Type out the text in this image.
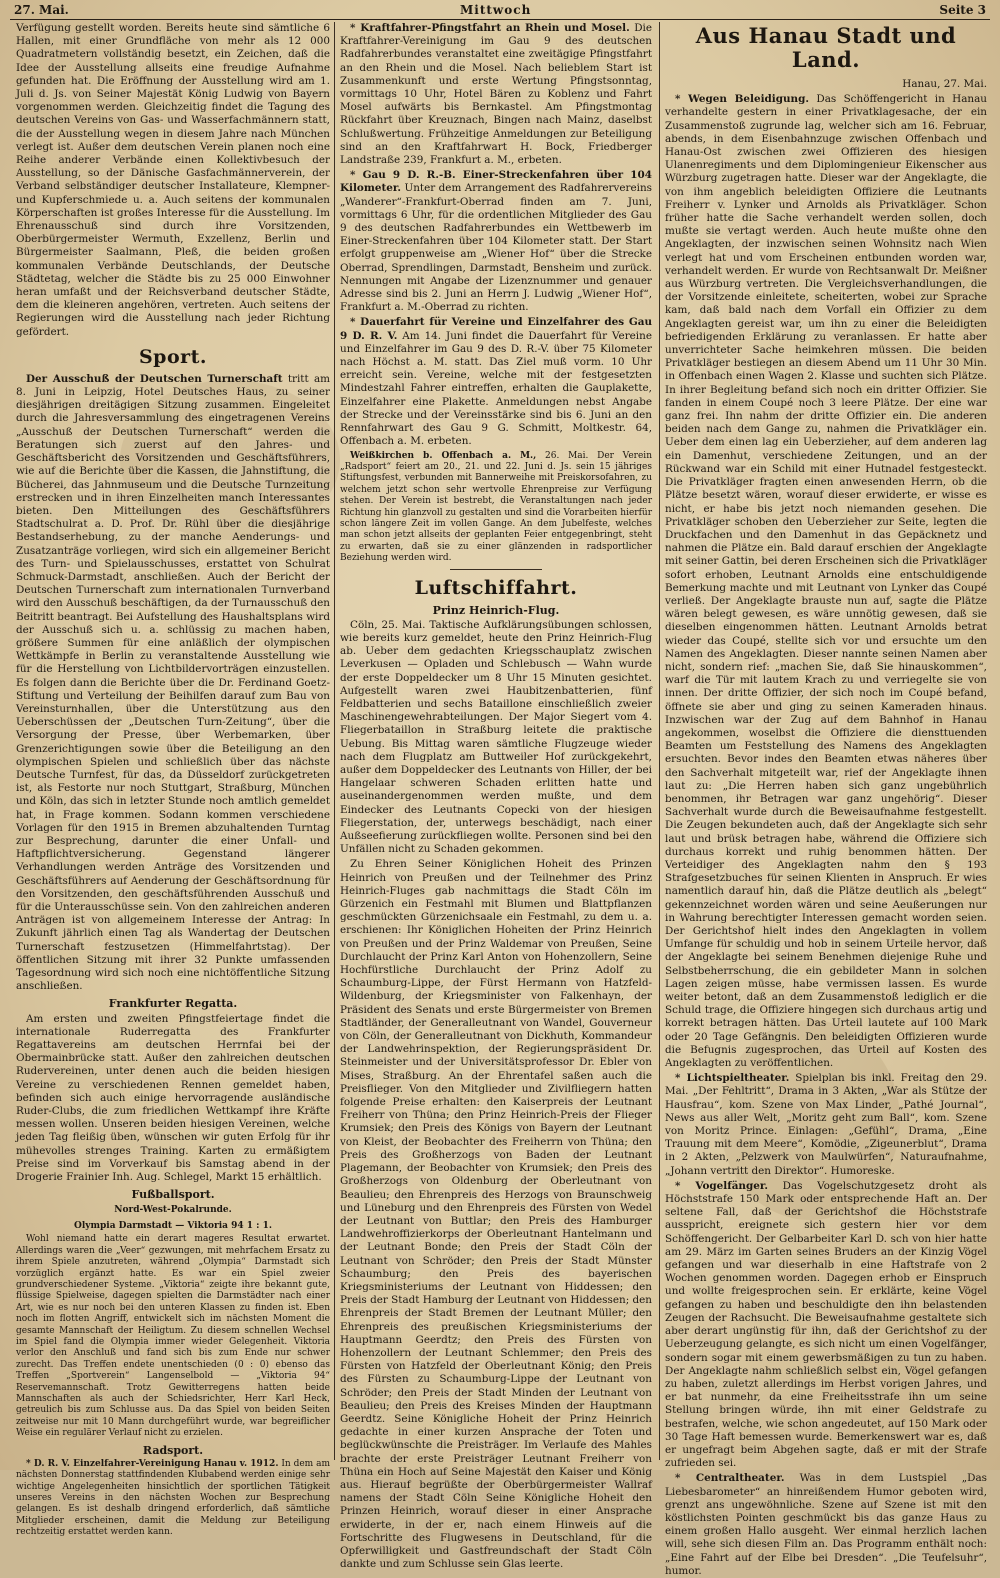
27. Mai.	Mittwoch	Seite 3

Verfügung gestellt worden. Bereits heute sind sämtliche 6 Hallen, mit einer Grundfläche von mehr als 12 000 Quadratmetern vollständig besetzt, ein Zeichen, daß die Idee der Ausstellung allseits eine freudige Aufnahme gefunden hat. Die Eröffnung der Ausstellung wird am 1. Juli d. Js. von Seiner Majestät König Ludwig von Bayern vorgenommen werden. Gleichzeitig findet die Tagung des deutschen Vereins von Gas- und Wasserfachmännern statt, die der Ausstellung wegen in diesem Jahre nach München verlegt ist. Außer dem deutschen Verein planen noch eine Reihe anderer Verbände einen Kollektivbesuch der Ausstellung, so der Dänische Gasfachmännerverein, der Verband selbständiger deutscher Installateure, Klempner- und Kupferschmiede u. a. Auch seitens der kommunalen Körperschaften ist großes Interesse für die Ausstellung. Im Ehrenausschuß sind durch ihre Vorsitzenden, Oberbürgermeister Wermuth, Exzellenz, Berlin und Bürgermeister Saalmann, Pleß, die beiden großen kommunalen Verbände Deutschlands, der Deutsche Städtetag, welcher die Städte bis zu 25 000 Einwohner heran umfaßt und der Reichsverband deutscher Städte, dem die kleineren angehören, vertreten. Auch seitens der Regierungen wird die Ausstellung nach jeder Richtung gefördert.

Sport.

Der Ausschuß der Deutschen Turnerschaft tritt am 8. Juni in Leipzig, Hotel Deutsches Haus, zu seiner diesjährigen dreitägigen Sitzung zusammen. Eingeleitet durch die Jahresversammlung des eingetragenen Vereins „Ausschuß der Deutschen Turnerschaft“ werden die Beratungen sich zuerst auf den Jahres- und Geschäftsbericht des Vorsitzenden und Geschäftsführers, wie auf die Berichte über die Kassen, die Jahnstiftung, die Bücherei, das Jahnmuseum und die Deutsche Turnzeitung erstrecken und in ihren Einzelheiten manch Interessantes bieten. Den Mitteilungen des Geschäftsführers Stadtschulrat a. D. Prof. Dr. Rühl über die diesjährige Bestandserhebung, zu der manche Aenderungs- und Zusatzanträge vorliegen, wird sich ein allgemeiner Bericht des Turn- und Spielausschusses, erstattet von Schulrat Schmuck-Darmstadt, anschließen. Auch der Bericht der Deutschen Turnerschaft zum internationalen Turnverband wird den Ausschuß beschäftigen, da der Turnausschuß den Beitritt beantragt. Bei Aufstellung des Haushaltsplans wird der Ausschuß sich u. a. schlüssig zu machen haben, größere Summen für eine anläßlich der olympischen Wettkämpfe in Berlin zu veranstaltende Ausstellung wie für die Herstellung von Lichtbildervorträgen einzustellen. Es folgen dann die Berichte über die Dr. Ferdinand Goetz-Stiftung und Verteilung der Beihilfen darauf zum Bau von Vereinsturnhallen, über die Unterstützung aus den Ueberschüssen der „Deutschen Turn-Zeitung“, über die Versorgung der Presse, über Werbemarken, über Grenzerichtigungen sowie über die Beteiligung an den olympischen Spielen und schließlich über das nächste Deutsche Turnfest, für das, da Düsseldorf zurückgetreten ist, als Festorte nur noch Stuttgart, Straßburg, München und Köln, das sich in letzter Stunde noch amtlich gemeldet hat, in Frage kommen. Sodann kommen verschiedene Vorlagen für den 1915 in Bremen abzuhaltenden Turntag zur Besprechung, darunter die einer Unfall- und Haftpflichtversicherung. Gegenstand längerer Verhandlungen werden Anträge des Vorsitzenden und Geschäftsführers auf Aenderung der Geschäftsordnung für den Vorsitzenden, den geschäftsführenden Ausschuß und für die Unterausschüsse sein. Von den zahlreichen anderen Anträgen ist von allgemeinem Interesse der Antrag: In Zukunft jährlich einen Tag als Wandertag der Deutschen Turnerschaft festzusetzen (Himmelfahrtstag). Der öffentlichen Sitzung mit ihrer 32 Punkte umfassenden Tagesordnung wird sich noch eine nichtöffentliche Sitzung anschließen.

Frankfurter Regatta.

Am ersten und zweiten Pfingstfeiertage findet die internationale Ruderregatta des Frankfurter Regattavereins am deutschen Herrnfai bei der Obermainbrücke statt. Außer den zahlreichen deutschen Rudervereinen, unter denen auch die beiden hiesigen Vereine zu verschiedenen Rennen gemeldet haben, befinden sich auch einige hervorragende ausländische Ruder-Clubs, die zum friedlichen Wettkampf ihre Kräfte messen wollen. Unseren beiden hiesigen Vereinen, welche jeden Tag fleißig üben, wünschen wir guten Erfolg für ihr mühevolles strenges Training. Karten zu ermäßigtem Preise sind im Vorverkauf bis Samstag abend in der Drogerie Frainier Inh. Aug. Schlegel, Markt 15 erhältlich.

Fußballsport.
Nord-West-Pokalrunde.
Olympia Darmstadt — Viktoria 94 1 : 1.

Wohl niemand hatte ein derart mageres Resultat erwartet. Allerdings waren die „Veer“ gezwungen, mit mehrfachem Ersatz zu ihrem Spiele anzutreten, während „Olympia“ Darmstadt sich vorzüglich ergänzt hatte. Es war ein Spiel zweier grundverschiedener Systeme. „Viktoria“ zeigte ihre bekannt gute, flüssige Spielweise, dagegen spielten die Darmstädter nach einer Art, wie es nur noch bei den unteren Klassen zu finden ist. Eben noch im flotten Angriff, entwickelt sich im nächsten Moment die gesamte Mannschaft der Heiligtum. Zu diesem schnellen Wechsel im Spiel fand die Olympia immer wieder Gelegenheit. Viktoria verlor den Anschluß und fand sich bis zum Ende nur schwer zurecht. Das Treffen endete unentschieden (0 : 0) ebenso das Treffen „Sportverein“ Langenselbold — „Viktoria 94“ Reservemannschaft. Trotz Gewitterregens hatten beide Mannschaften als auch der Schiedsrichter, Herr Karl Heck, getreulich bis zum Schlusse aus. Da das Spiel von beiden Seiten zeitweise nur mit 10 Mann durchgeführt wurde, war begreiflicher Weise ein regulärer Verlauf nicht zu erzielen.

Radsport.

* D. R. V. Einzelfahrer-Vereinigung Hanau v. 1912. In dem am nächsten Donnerstag stattfindenden Klubabend werden einige sehr wichtige Angelegenheiten hinsichtlich der sportlichen Tätigkeit unseres Vereins in den nächsten Wochen zur Besprechung gelangen. Es ist deshalb dringend erforderlich, daß sämtliche Mitglieder erscheinen, damit die Meldung zur Beteiligung rechtzeitig erstattet werden kann.

* Kraftfahrer-Pfingstfahrt an Rhein und Mosel. Die Kraftfahrer-Vereinigung im Gau 9 des deutschen Radfahrerbundes veranstaltet eine zweitägige Pfingstfahrt an den Rhein und die Mosel. Nach belieblem Start ist Zusammenkunft und erste Wertung Pfingstsonntag, vormittags 10 Uhr, Hotel Bären zu Koblenz und Fahrt Mosel aufwärts bis Bernkastel. Am Pfingstmontag Rückfahrt über Kreuznach, Bingen nach Mainz, daselbst Schlußwertung. Frühzeitige Anmeldungen zur Beteiligung sind an den Kraftfahrwart H. Bock, Friedberger Landstraße 239, Frankfurt a. M., erbeten.

* Gau 9 D. R.-B. Einer-Streckenfahren über 104 Kilometer. Unter dem Arrangement des Radfahrervereins „Wanderer“-Frankfurt-Oberrad finden am 7. Juni, vormittags 6 Uhr, für die ordentlichen Mitglieder des Gau 9 des deutschen Radfahrerbundes ein Wettbewerb im Einer-Streckenfahren über 104 Kilometer statt. Der Start erfolgt gruppenweise am „Wiener Hof“ über die Strecke Oberrad, Sprendlingen, Darmstadt, Bensheim und zurück. Nennungen mit Angabe der Lizenznummer und genauer Adresse sind bis 2. Juni an Herrn J. Ludwig „Wiener Hof“, Frankfurt a. M.-Oberrad zu richten.

* Dauerfahrt für Vereine und Einzelfahrer des Gau 9 D. R. V. Am 14. Juni findet die Dauerfahrt für Vereine und Einzelfahrer im Gau 9 des D. R.-V. über 75 Kilometer nach Höchst a. M. statt. Das Ziel muß vorm. 10 Uhr erreicht sein. Vereine, welche mit der festgesetzten Mindestzahl Fahrer eintreffen, erhalten die Gauplakette, Einzelfahrer eine Plakette. Anmeldungen nebst Angabe der Strecke und der Vereinsstärke sind bis 6. Juni an den Rennfahrwart des Gau 9 G. Schmitt, Moltkestr. 64, Offenbach a. M. erbeten.

Weißkirchen b. Offenbach a. M., 26. Mai. Der Verein „Radsport“ feiert am 20., 21. und 22. Juni d. Js. sein 15 jähriges Stiftungsfest, verbunden mit Bannerweihe mit Preiskorsofahren, zu welchem jetzt schon sehr wertvolle Ehrenpreise zur Verfügung stehen. Der Verein ist bestrebt, die Veranstaltungen nach jeder Richtung hin glanzvoll zu gestalten und sind die Vorarbeiten hierfür schon längere Zeit im vollen Gange. An dem Jubelfeste, welches man schon jetzt allseits der geplanten Feier entgegenbringt, steht zu erwarten, daß sie zu einer glänzenden in radsportlicher Beziehung werden wird.

Luftschiffahrt.
Prinz Heinrich-Flug.

Cöln, 25. Mai. Taktische Aufklärungsübungen schlossen, wie bereits kurz gemeldet, heute den Prinz Heinrich-Flug ab. Ueber dem gedachten Kriegsschauplatz zwischen Leverkusen — Opladen und Schlebusch — Wahn wurde der erste Doppeldecker um 8 Uhr 15 Minuten gesichtet. Aufgestellt waren zwei Haubitzenbatterien, fünf Feldbatterien und sechs Bataillone einschließlich zweier Maschinengewehrabteilungen. Der Major Siegert vom 4. Fliegerbataillon in Straßburg leitete die praktische Uebung. Bis Mittag waren sämtliche Flugzeuge wieder nach dem Flugplatz am Buttweiler Hof zurückgekehrt, außer dem Doppeldecker des Leutnants von Hiller, der bei Hangelaar schweren Schaden erlitten hatte und auseinandergenommen werden mußte, und dem Eindecker des Leutnants Copecki von der hiesigen Fliegerstation, der, unterwegs beschädigt, nach einer Außseefierung zurückfliegen wollte. Personen sind bei den Unfällen nicht zu Schaden gekommen.

Zu Ehren Seiner Königlichen Hoheit des Prinzen Heinrich von Preußen und der Teilnehmer des Prinz Heinrich-Fluges gab nachmittags die Stadt Cöln im Gürzenich ein Festmahl mit Blumen und Blattpflanzen geschmückten Gürzenichsaale ein Festmahl, zu dem u. a. erschienen: Ihr Königlichen Hoheiten der Prinz Heinrich von Preußen und der Prinz Waldemar von Preußen, Seine Durchlaucht der Prinz Karl Anton von Hohenzollern, Seine Hochfürstliche Durchlaucht der Prinz Adolf zu Schaumburg-Lippe, der Fürst Hermann von Hatzfeld-Wildenburg, der Kriegsminister von Falkenhayn, der Präsident des Senats und erste Bürgermeister von Bremen Stadtländer, der Generalleutnant von Wandel, Gouverneur von Cöln, der Generalleutnant von Dickhuth, Kommandeur der Landwehrinspektion, der Regierungspräsident Dr. Steinmeister und der Universitätsprofessor Dr. Ebler von Mises, Straßburg. An der Ehrentafel saßen auch die Preisflieger. Von den Mitglieder und Zivilfliegern hatten folgende Preise erhalten: den Kaiserpreis der Leutnant Freiherr von Thüna; den Prinz Heinrich-Preis der Flieger Krumsiek; den Preis des Königs von Bayern der Leutnant von Kleist, der Beobachter des Freiherrn von Thüna; den Preis des Großherzogs von Baden der Leutnant Plagemann, der Beobachter von Krumsiek; den Preis des Großherzogs von Oldenburg der Oberleutnant von Beaulieu; den Ehrenpreis des Herzogs von Braunschweig und Lüneburg und den Ehrenpreis des Fürsten von Wedel der Leutnant von Buttlar; den Preis des Hamburger Landwehroffizierkorps der Oberleutnant Hantelmann und der Leutnant Bonde; den Preis der Stadt Cöln der Leutnant von Schröder; den Preis der Stadt Münster Schaumburg; den Preis des bayerischen Kriegsministeriums der Leutnant von Hiddessen; den Preis der Stadt Hamburg der Leutnant von Hiddessen; den Ehrenpreis der Stadt Bremen der Leutnant Müller; den Ehrenpreis des preußischen Kriegsministeriums der Hauptmann Geerdtz; den Preis des Fürsten von Hohenzollern der Leutnant Schlemmer; den Preis des Fürsten von Hatzfeld der Oberleutnant König; den Preis des Fürsten zu Schaumburg-Lippe der Leutnant von Schröder; den Preis der Stadt Minden der Leutnant von Beaulieu; den Preis des Kreises Minden der Hauptmann Geerdtz. Seine Königliche Hoheit der Prinz Heinrich gedachte in einer kurzen Ansprache der Toten und beglückwünschte die Preisträger. Im Verlaufe des Mahles brachte der erste Preisträger Leutnant Freiherr von Thüna ein Hoch auf Seine Majestät den Kaiser und König aus. Hierauf begrüßte der Oberbürgermeister Wallraf namens der Stadt Cöln Seine Königliche Hoheit den Prinzen Heinrich, worauf dieser in einer Ansprache erwiderte, in der er, nach einem Hinweis auf die Fortschritte des Flugwesens in Deutschland, für die Opferwilligkeit und Gastfreundschaft der Stadt Cöln dankte und zum Schlusse sein Glas leerte.

Aus Hanau Stadt und Land.
Hanau, 27. Mai.

* Wegen Beleidigung. Das Schöffengericht in Hanau verhandelte gestern in einer Privatklagesache, der ein Zusammenstoß zugrunde lag, welcher sich am 16. Februar, abends, in dem Eisenbahnzuge zwischen Offenbach und Hanau-Ost zwischen zwei Offizieren des hiesigen Ulanenregiments und dem Diplomingenieur Eikenscher aus Würzburg zugetragen hatte. Dieser war der Angeklagte, die von ihm angeblich beleidigten Offiziere die Leutnants Freiherr v. Lynker und Arnolds als Privatkläger. Schon früher hatte die Sache verhandelt werden sollen, doch mußte sie vertagt werden. Auch heute mußte ohne den Angeklagten, der inzwischen seinen Wohnsitz nach Wien verlegt hat und vom Erscheinen entbunden worden war, verhandelt werden. Er wurde von Rechtsanwalt Dr. Meißner aus Würzburg vertreten. Die Vergleichsverhandlungen, die der Vorsitzende einleitete, scheiterten, wobei zur Sprache kam, daß bald nach dem Vorfall ein Offizier zu dem Angeklagten gereist war, um ihn zu einer die Beleidigten befriedigenden Erklärung zu veranlassen. Er hatte aber unverrichteter Sache heimkehren müssen. Die beiden Privatkläger bestiegen an diesem Abend um 11 Uhr 30 Min. in Offenbach einen Wagen 2. Klasse und suchten sich Plätze. In ihrer Begleitung befand sich noch ein dritter Offizier. Sie fanden in einem Coupé noch 3 leere Plätze. Der eine war ganz frei. Ihn nahm der dritte Offizier ein. Die anderen beiden nach dem Gange zu, nahmen die Privatkläger ein. Ueber dem einen lag ein Ueberzieher, auf dem anderen lag ein Damenhut, verschiedene Zeitungen, und an der Rückwand war ein Schild mit einer Hutnadel festgesteckt. Die Privatkläger fragten einen anwesenden Herrn, ob die Plätze besetzt wären, worauf dieser erwiderte, er wisse es nicht, er habe bis jetzt noch niemanden gesehen. Die Privatkläger schoben den Ueberzieher zur Seite, legten die Druckfachen und den Damenhut in das Gepäcknetz und nahmen die Plätze ein. Bald darauf erschien der Angeklagte mit seiner Gattin, bei deren Erscheinen sich die Privatkläger sofort erhoben, Leutnant Arnolds eine entschuldigende Bemerkung machte und mit Leutnant von Lynker das Coupé verließ. Der Angeklagte brauste nun auf, sagte die Plätze wären belegt gewesen, es wäre unnötig gewesen, daß sie dieselben eingenommen hätten. Leutnant Arnolds betrat wieder das Coupé, stellte sich vor und ersuchte um den Namen des Angeklagten. Dieser nannte seinen Namen aber nicht, sondern rief: „machen Sie, daß Sie hinauskommen“, warf die Tür mit lautem Krach zu und verriegelte sie von innen. Der dritte Offizier, der sich noch im Coupé befand, öffnete sie aber und ging zu seinen Kameraden hinaus. Inzwischen war der Zug auf dem Bahnhof in Hanau angekommen, woselbst die Offiziere die diensttuenden Beamten um Feststellung des Namens des Angeklagten ersuchten. Bevor indes den Beamten etwas näheres über den Sachverhalt mitgeteilt war, rief der Angeklagte ihnen laut zu: „Die Herren haben sich ganz ungebührlich benommen, ihr Betragen war ganz ungehörig“. Dieser Sachverhalt wurde durch die Beweisaufnahme festgestellt. Die Zeugen bekundeten auch, daß der Angeklagte sich sehr laut und brüsk betragen habe, während die Offiziere sich durchaus korrekt und ruhig benommen hätten. Der Verteidiger des Angeklagten nahm den § 193 Strafgesetzbuches für seinen Klienten in Anspruch. Er wies namentlich darauf hin, daß die Plätze deutlich als „belegt“ gekennzeichnet worden wären und seine Aeußerungen nur in Wahrung berechtigter Interessen gemacht worden seien. Der Gerichtshof hielt indes den Angeklagten in vollem Umfange für schuldig und hob in seinem Urteile hervor, daß der Angeklagte bei seinem Benehmen diejenige Ruhe und Selbstbeherrschung, die ein gebildeter Mann in solchen Lagen zeigen müsse, habe vermissen lassen. Es wurde weiter betont, daß an dem Zusammenstoß lediglich er die Schuld trage, die Offiziere hingegen sich durchaus artig und korrekt betragen hätten. Das Urteil lautete auf 100 Mark oder 20 Tage Gefängnis. Den beleidigten Offizieren wurde die Befugnis zugesprochen, das Urteil auf Kosten des Angeklagten zu veröffentlichen.

* Lichtspieltheater. Spielplan bis inkl. Freitag den 29. Mai. „Der Fehltritt“, Drama in 3 Akten, „War als Stütze der Hausfrau“, kom. Szene von Max Linder, „Pathé Journal“, News aus aller Welt, „Moritz geht zum Ball“, kom. Szene von Moritz Prince. Einlagen: „Gefühl“, Drama, „Eine Trauung mit dem Meere“, Komödie, „Zigeunerblut“, Drama in 2 Akten, „Pelzwerk von Maulwürfen“, Naturaufnahme, „Johann vertritt den Direktor“. Humoreske.

* Vogelfänger. Das Vogelschutzgesetz droht als Höchststrafe 150 Mark oder entsprechende Haft an. Der seltene Fall, daß der Gerichtshof die Höchststrafe ausspricht, ereignete sich gestern hier vor dem Schöffengericht. Der Gelbarbeiter Karl D. sch von hier hatte am 29. März im Garten seines Bruders an der Kinzig Vögel gefangen und war dieserhalb in eine Haftstrafe von 2 Wochen genommen worden. Dagegen erhob er Einspruch und wollte freigesprochen sein. Er erklärte, keine Vögel gefangen zu haben und beschuldigte den ihn belastenden Zeugen der Rachsucht. Die Beweisaufnahme gestaltete sich aber derart ungünstig für ihn, daß der Gerichtshof zu der Ueberzeugung gelangte, es sich nicht um einen Vogelfänger, sondern sogar mit einem gewerbsmäßigen zu tun zu haben. Der Angeklagte nahm schließlich selbst ein, Vögel gefangen zu haben, zuletzt allerdings im Herbst vorigen Jahres, und er bat nunmehr, da eine Freiheitsstrafe ihn um seine Stellung bringen würde, ihn mit einer Geldstrafe zu bestrafen, welche, wie schon angedeutet, auf 150 Mark oder 30 Tage Haft bemessen wurde. Bemerkenswert war es, daß er ungefragt beim Abgehen sagte, daß er mit der Strafe zufrieden sei.

* Centraltheater. Was in dem Lustspiel „Das Liebesbarometer“ an hinreißendem Humor geboten wird, grenzt ans ungewöhnliche. Szene auf Szene ist mit den köstlichsten Pointen geschmückt bis das ganze Haus zu einem großen Hallo ausgeht. Wer einmal herzlich lachen will, sehe sich diesen Film an. Das Programm enthält noch: „Eine Fahrt auf der Elbe bei Dresden“. „Die Teufelsuhr“, humor.
